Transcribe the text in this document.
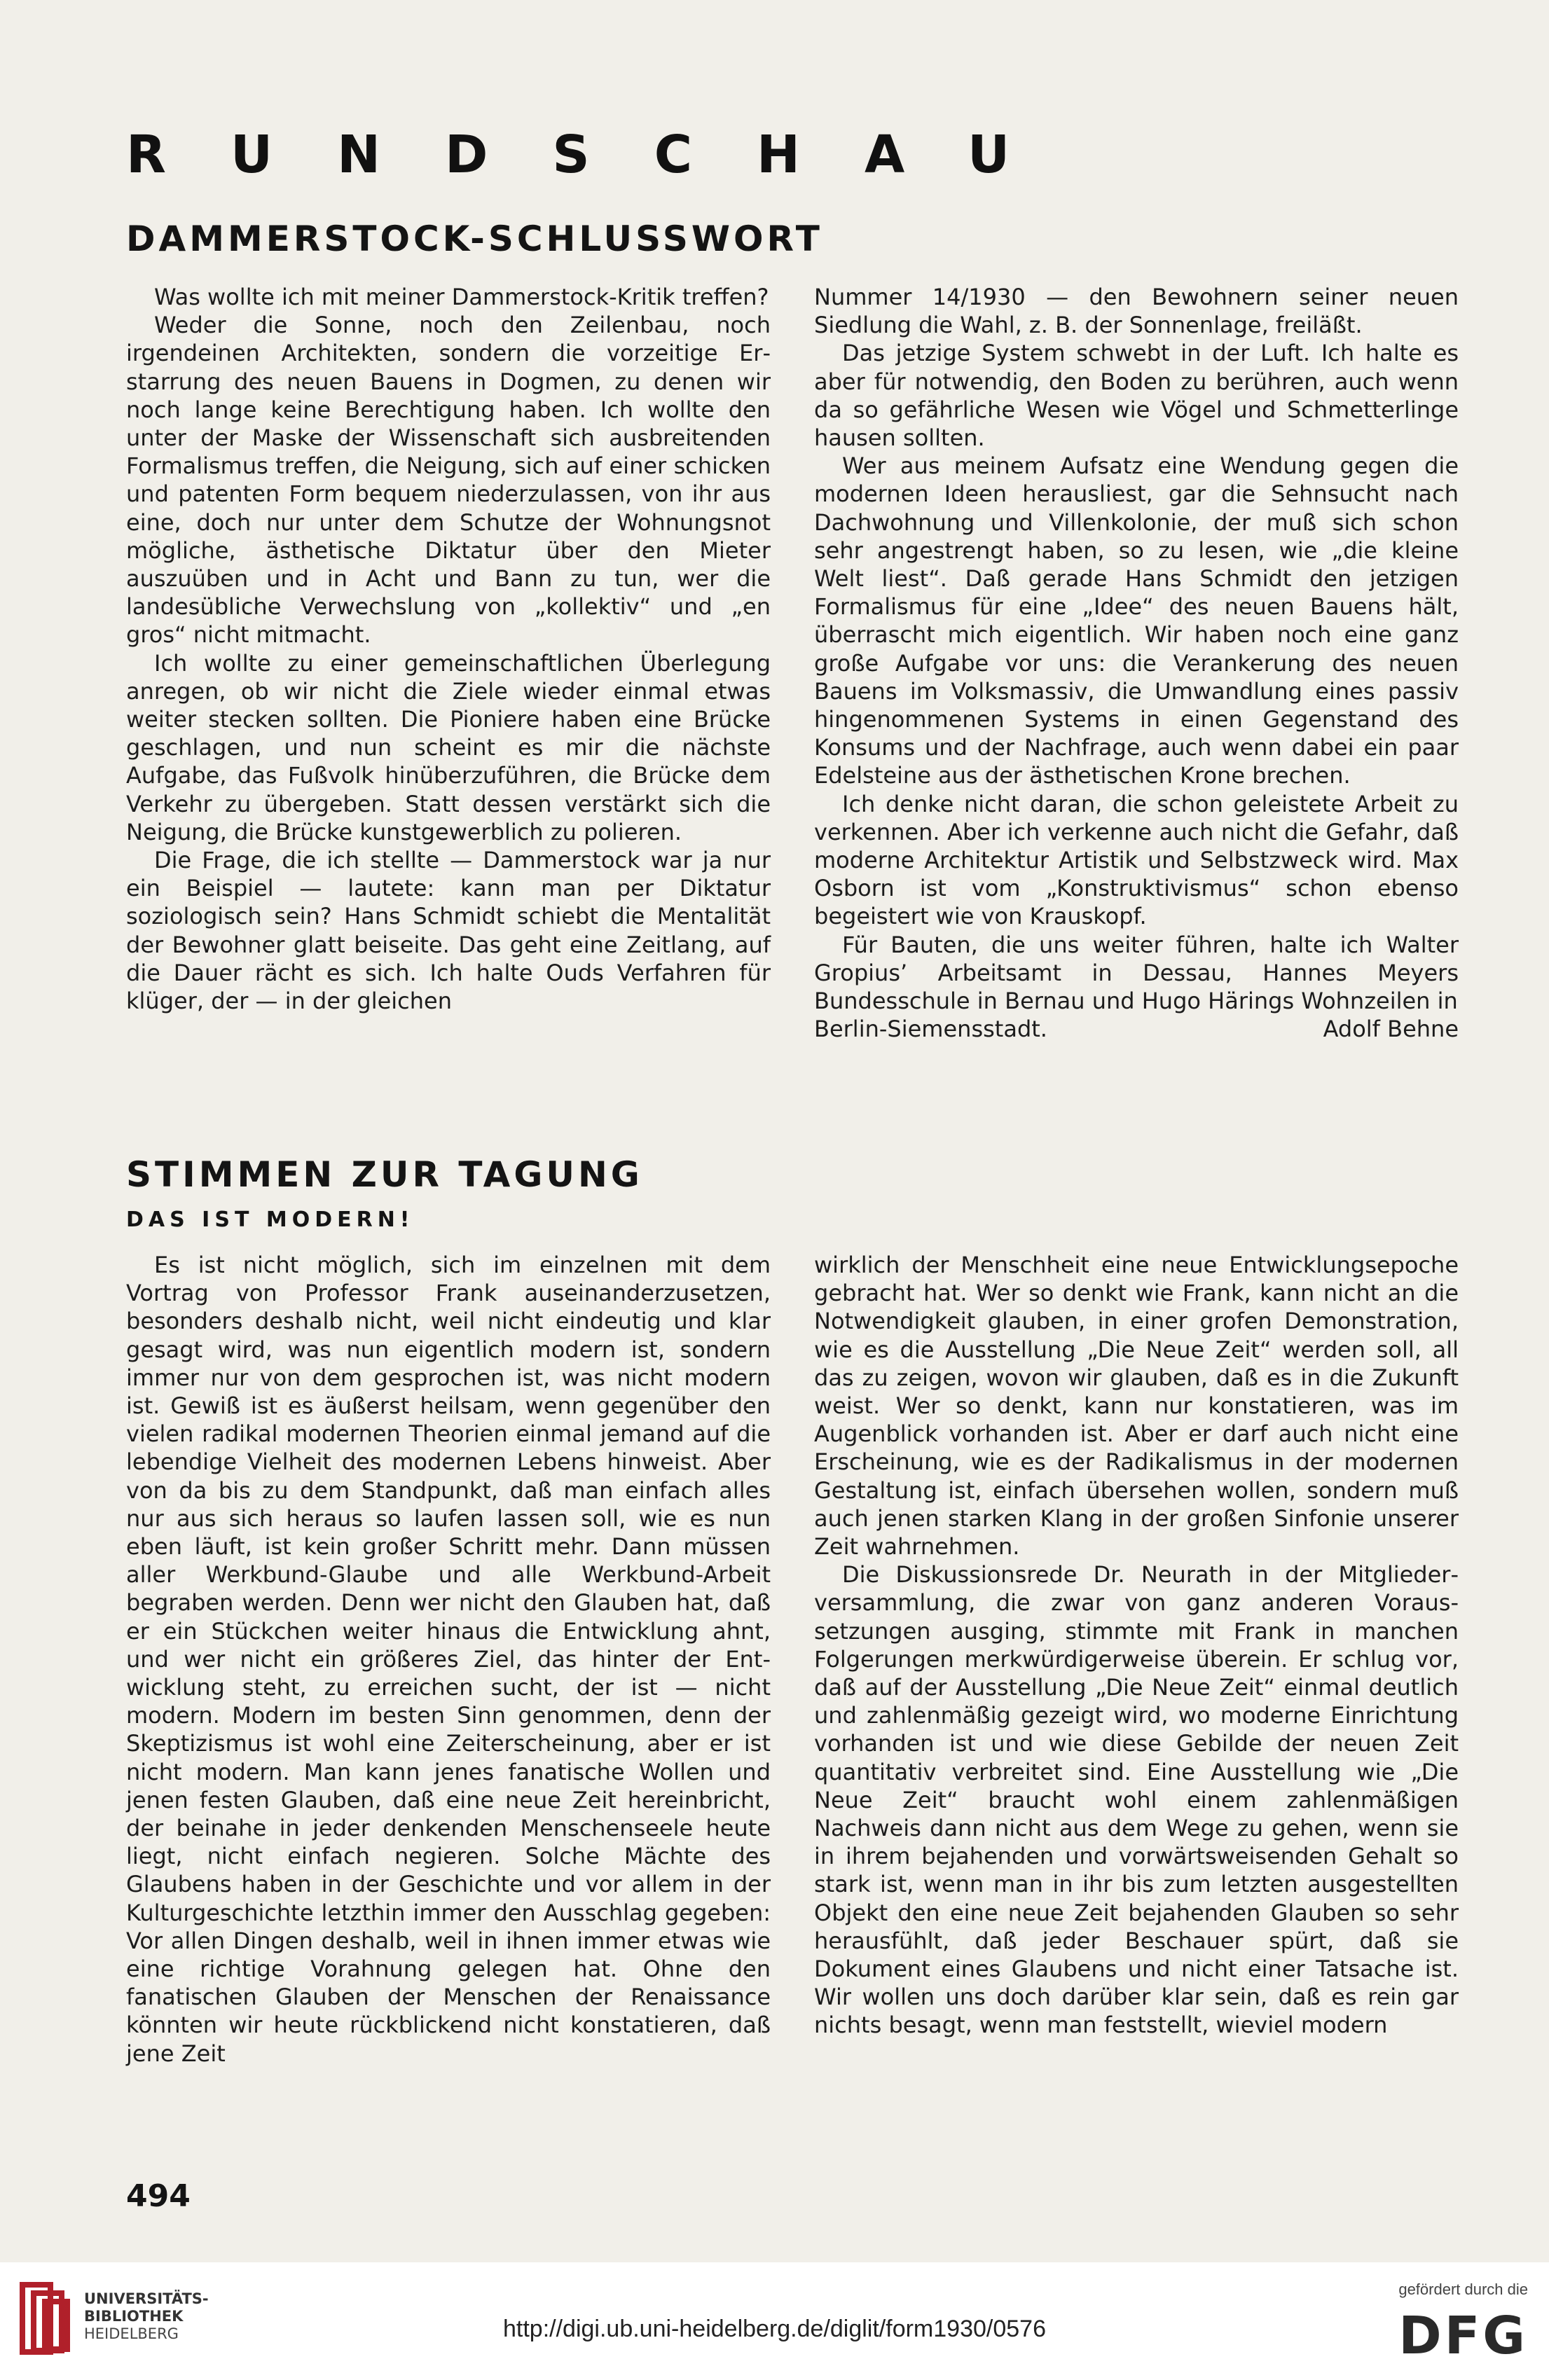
RUNDSCHAU
DAMMERSTOCK-SCHLUSSWORT

Was wollte ich mit meiner Dammerstock-Kritik treffen?

Weder die Sonne, noch den Zeilenbau, noch irgendeinen Architekten, sondern die vorzeitige Erstarrung des neuen Bauens in Dogmen, zu denen wir noch lange keine Berechtigung haben. Ich wollte den unter der Maske der Wissenschaft sich ausbreitenden Formalismus treffen, die Neigung, sich auf einer schicken und patenten Form bequem niederzulassen, von ihr aus eine, doch nur unter dem Schutze der Wohnungsnot mögliche, ästhetische Diktatur über den Mieter auszuüben und in Acht und Bann zu tun, wer die landesübliche Verwechslung von „kollektiv“ und „en gros“ nicht mitmacht.

Ich wollte zu einer gemeinschaftlichen Überlegung anregen, ob wir nicht die Ziele wieder einmal etwas weiter stecken sollten. Die Pioniere haben eine Brücke geschlagen, und nun scheint es mir die nächste Aufgabe, das Fußvolk hinüberzuführen, die Brücke dem Verkehr zu übergeben. Statt dessen verstärkt sich die Neigung, die Brücke kunstgewerblich zu polieren.

Die Frage, die ich stellte — Dammerstock war ja nur ein Beispiel — lautete: kann man per Diktatur soziologisch sein? Hans Schmidt schiebt die Mentalität der Bewohner glatt beiseite. Das geht eine Zeitlang, auf die Dauer rächt es sich. Ich halte Ouds Verfahren für klüger, der — in der gleichen

Nummer 14/1930 — den Bewohnern seiner neuen Siedlung die Wahl, z. B. der Sonnenlage, freiläßt.

Das jetzige System schwebt in der Luft. Ich halte es aber für notwendig, den Boden zu berühren, auch wenn da so gefährliche Wesen wie Vögel und Schmetterlinge hausen sollten.

Wer aus meinem Aufsatz eine Wendung gegen die modernen Ideen herausliest, gar die Sehnsucht nach Dachwohnung und Villenkolonie, der muß sich schon sehr angestrengt haben, so zu lesen, wie „die kleine Welt liest“. Daß gerade Hans Schmidt den jetzigen Formalismus für eine „Idee“ des neuen Bauens hält, überrascht mich eigentlich. Wir haben noch eine ganz große Aufgabe vor uns: die Verankerung des neuen Bauens im Volksmassiv, die Umwandlung eines passiv hingenommenen Systems in einen Gegenstand des Konsums und der Nachfrage, auch wenn dabei ein paar Edelsteine aus der ästhetischen Krone brechen.

Ich denke nicht daran, die schon geleistete Arbeit zu verkennen. Aber ich verkenne auch nicht die Gefahr, daß moderne Architektur Artistik und Selbstzweck wird. Max Osborn ist vom „Konstruktivismus“ schon ebenso begeistert wie von Krauskopf.

Für Bauten, die uns weiter führen, halte ich Walter Gropius’ Arbeitsamt in Dessau, Hannes Meyers Bundesschule in Bernau und Hugo Härings Wohnzeilen in

Berlin-Siemensstadt.	Adolf Behne
STIMMEN ZUR TAGUNG
DAS IST MODERN!

Es ist nicht möglich, sich im einzelnen mit dem Vortrag von Professor Frank auseinanderzusetzen, besonders deshalb nicht, weil nicht eindeutig und klar gesagt wird, was nun eigentlich modern ist, sondern immer nur von dem gesprochen ist, was nicht modern ist. Gewiß ist es äußerst heilsam, wenn gegenüber den vielen radikal modernen Theorien einmal jemand auf die lebendige Vielheit des modernen Lebens hinweist. Aber von da bis zu dem Standpunkt, daß man einfach alles nur aus sich heraus so laufen lassen soll, wie es nun eben läuft, ist kein großer Schritt mehr. Dann müssen aller Werkbund-Glaube und alle Werkbund-Arbeit begraben werden. Denn wer nicht den Glauben hat, daß er ein Stückchen weiter hinaus die Entwicklung ahnt, und wer nicht ein größeres Ziel, das hinter der Entwicklung steht, zu erreichen sucht, der ist — nicht modern. Modern im besten Sinn genommen, denn der Skeptizismus ist wohl eine Zeiterscheinung, aber er ist nicht modern. Man kann jenes fanatische Wollen und jenen festen Glauben, daß eine neue Zeit hereinbricht, der beinahe in jeder denkenden Menschenseele heute liegt, nicht einfach negieren. Solche Mächte des Glaubens haben in der Geschichte und vor allem in der Kulturgeschichte letzthin immer den Ausschlag gegeben: Vor allen Dingen deshalb, weil in ihnen immer etwas wie eine richtige Vorahnung gelegen hat. Ohne den fanatischen Glauben der Menschen der Renaissance könnten wir heute rückblickend nicht konstatieren, daß jene Zeit

wirklich der Menschheit eine neue Entwicklungsepoche gebracht hat. Wer so denkt wie Frank, kann nicht an die Notwendigkeit glauben, in einer grofen Demonstration, wie es die Ausstellung „Die Neue Zeit“ werden soll, all das zu zeigen, wovon wir glauben, daß es in die Zukunft weist. Wer so denkt, kann nur konstatieren, was im Augenblick vorhanden ist. Aber er darf auch nicht eine Erscheinung, wie es der Radikalismus in der modernen Gestaltung ist, einfach übersehen wollen, sondern muß auch jenen starken Klang in der großen Sinfonie unserer Zeit wahrnehmen.

Die Diskussionsrede Dr. Neurath in der Mitgliederversammlung, die zwar von ganz anderen Voraussetzungen ausging, stimmte mit Frank in manchen Folgerungen merkwürdigerweise überein. Er schlug vor, daß auf der Ausstellung „Die Neue Zeit“ einmal deutlich und zahlenmäßig gezeigt wird, wo moderne Einrichtung vorhanden ist und wie diese Gebilde der neuen Zeit quantitativ verbreitet sind. Eine Ausstellung wie „Die Neue Zeit“ braucht wohl einem zahlenmäßigen Nachweis dann nicht aus dem Wege zu gehen, wenn sie in ihrem bejahenden und vorwärtsweisenden Gehalt so stark ist, wenn man in ihr bis zum letzten ausgestellten Objekt den eine neue Zeit bejahenden Glauben so sehr herausfühlt, daß jeder Beschauer spürt, daß sie Dokument eines Glaubens und nicht einer Tatsache ist. Wir wollen uns doch darüber klar sein, daß es rein gar nichts besagt, wenn man feststellt, wieviel modern

494
UNIVERSITÄTS-
BIBLIOTHEK
HEIDELBERG	http://digi.ub.uni-heidelberg.de/diglit/form1930/0576
gefördert durch die
DFG
